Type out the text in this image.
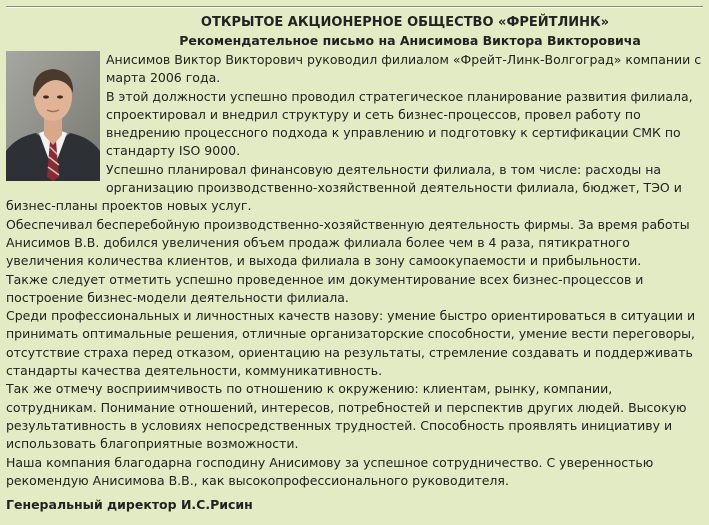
ОТКРЫТОЕ АКЦИОНЕРНОЕ ОБЩЕСТВО «ФРЕЙТЛИНК»

Рекомендательное письмо на Анисимова Виктора Викторовича

Анисимов Виктор Викторович руководил филиалом «Фрейт-Линк-Волгоград» компании с марта 2006 года.

В этой должности успешно проводил стратегическое планирование развития филиала, спроектировал и внедрил структуру и сеть бизнес-процессов, провел работу по внедрению процессного подхода к управлению и подготовку к сертификации СМК по стандарту ISO 9000.

Успешно планировал финансовую деятельности филиала, в том числе: расходы на организацию производственно-хозяйственной деятельности филиала, бюджет, ТЭО и бизнес-планы проектов новых услуг.

Обеспечивал бесперебойную производственно-хозяйственную деятельность фирмы. За время работы Анисимов В.В. добился увеличения объем продаж филиала более чем в 4 раза, пятикратного увеличения количества клиентов, и выхода филиала в зону самоокупаемости и прибыльности.

Также следует отметить успешно проведенное им документирование всех бизнес-процессов и построение бизнес-модели деятельности филиала.

Среди профессиональных и личностных качеств назову: умение быстро ориентироваться в ситуации и принимать оптимальные решения, отличные организаторские способности, умение вести переговоры, отсутствие страха перед отказом, ориентацию на результаты, стремление создавать и поддерживать стандарты качества деятельности, коммуникативность.

Так же отмечу восприимчивость по отношению к окружению: клиентам, рынку, компании, сотрудникам. Понимание отношений, интересов, потребностей и перспектив других людей. Высокую результативность в условиях непосредственных трудностей. Способность проявлять инициативу и использовать благоприятные возможности.

Наша компания благодарна господину Анисимову за успешное сотрудничество. С уверенностью рекомендую Анисимова В.В., как высокопрофессионального руководителя.

Генеральный директор И.С.Рисин
